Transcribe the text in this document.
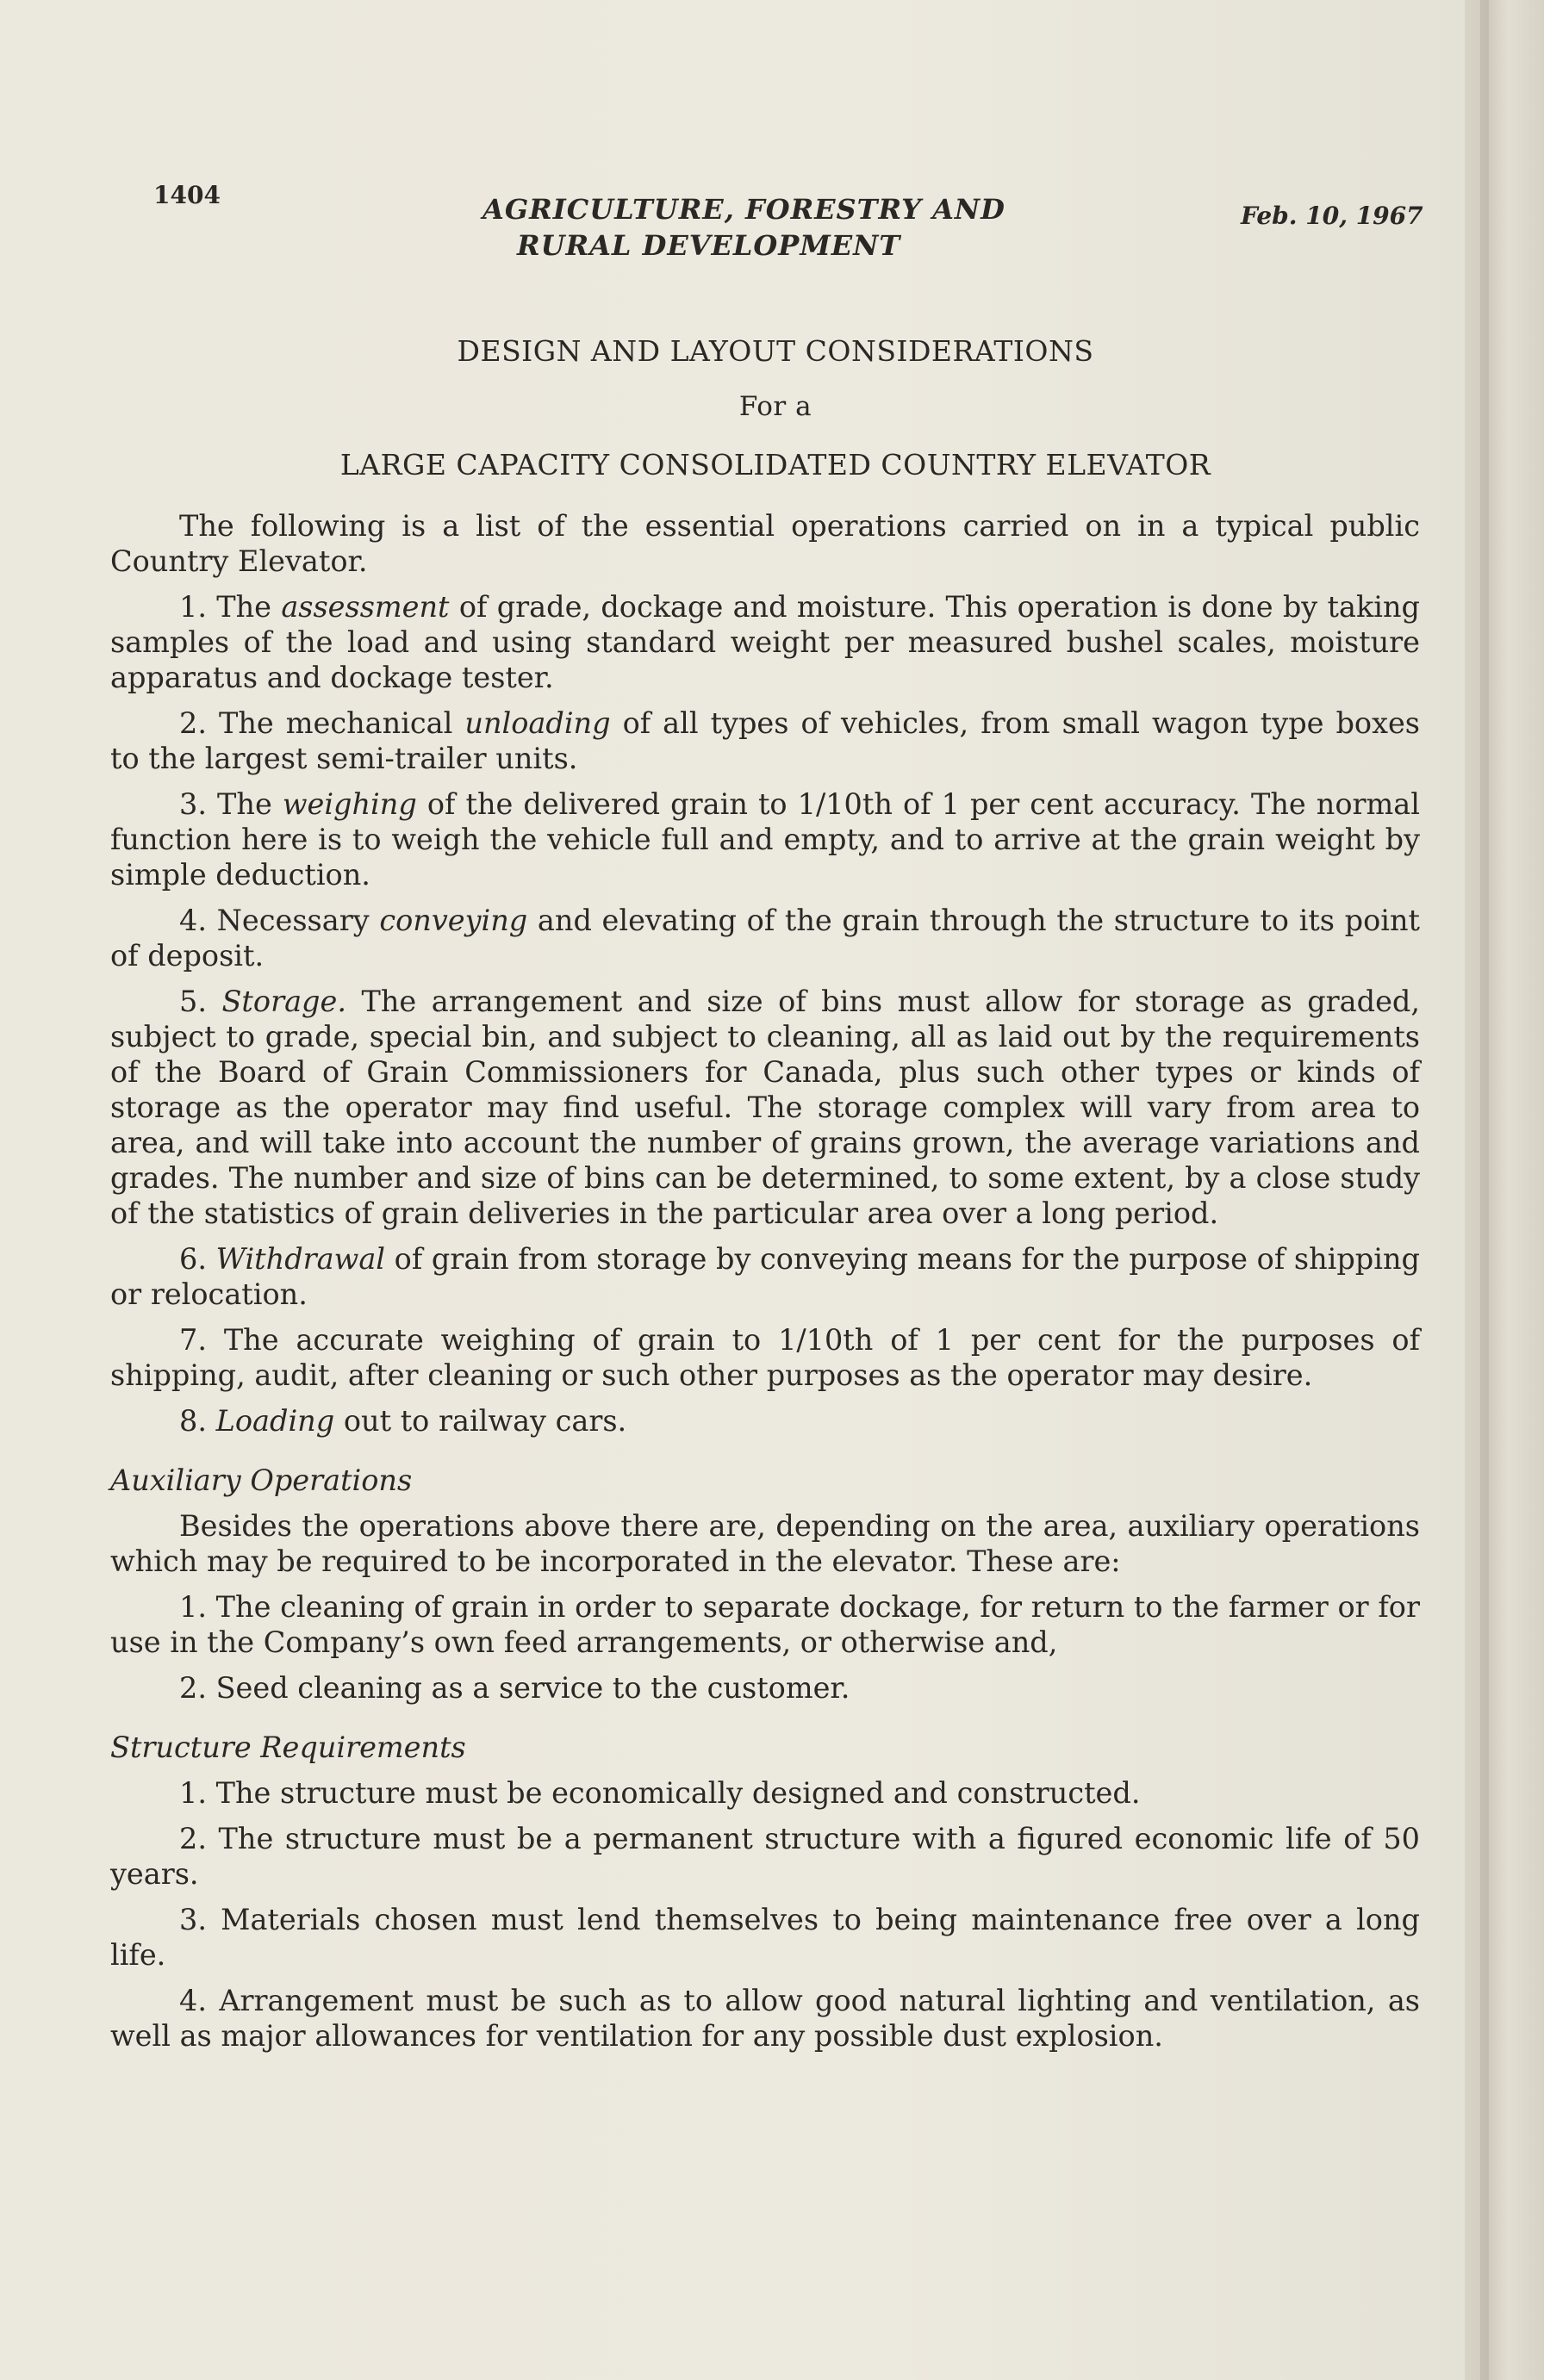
1404	AGRICULTURE, FORESTRY AND
RURAL DEVELOPMENT
Feb. 10, 1967
DESIGN AND LAYOUT CONSIDERATIONS
For a
LARGE CAPACITY CONSOLIDATED COUNTRY ELEVATOR

The following is a list of the essential operations carried on in a typical public Country Elevator.

1. The assessment of grade, dockage and moisture. This operation is done by taking samples of the load and using standard weight per measured bushel scales, moisture apparatus and dockage tester.

2. The mechanical unloading of all types of vehicles, from small wagon type boxes to the largest semi-trailer units.

3. The weighing of the delivered grain to 1/10th of 1 per cent accuracy. The normal function here is to weigh the vehicle full and empty, and to arrive at the grain weight by simple deduction.

4. Necessary conveying and elevating of the grain through the structure to its point of deposit.

5. Storage. The arrangement and size of bins must allow for storage as graded, subject to grade, special bin, and subject to cleaning, all as laid out by the requirements of the Board of Grain Commissioners for Canada, plus such other types or kinds of storage as the operator may find useful. The storage complex will vary from area to area, and will take into account the number of grains grown, the average variations and grades. The number and size of bins can be determined, to some extent, by a close study of the statistics of grain deliveries in the particular area over a long period.

6. Withdrawal of grain from storage by conveying means for the purpose of shipping or relocation.

7. The accurate weighing of grain to 1/10th of 1 per cent for the purposes of shipping, audit, after cleaning or such other purposes as the operator may desire.

8. Loading out to railway cars.

Auxiliary Operations

Besides the operations above there are, depending on the area, auxiliary operations which may be required to be incorporated in the elevator. These are:

1. The cleaning of grain in order to separate dockage, for return to the farmer or for use in the Company’s own feed arrangements, or otherwise and,

2. Seed cleaning as a service to the customer.

Structure Requirements

1. The structure must be economically designed and constructed.

2. The structure must be a permanent structure with a figured economic life of 50 years.

3. Materials chosen must lend themselves to being maintenance free over a long life.

4. Arrangement must be such as to allow good natural lighting and ventilation, as well as major allowances for ventilation for any possible dust explosion.
